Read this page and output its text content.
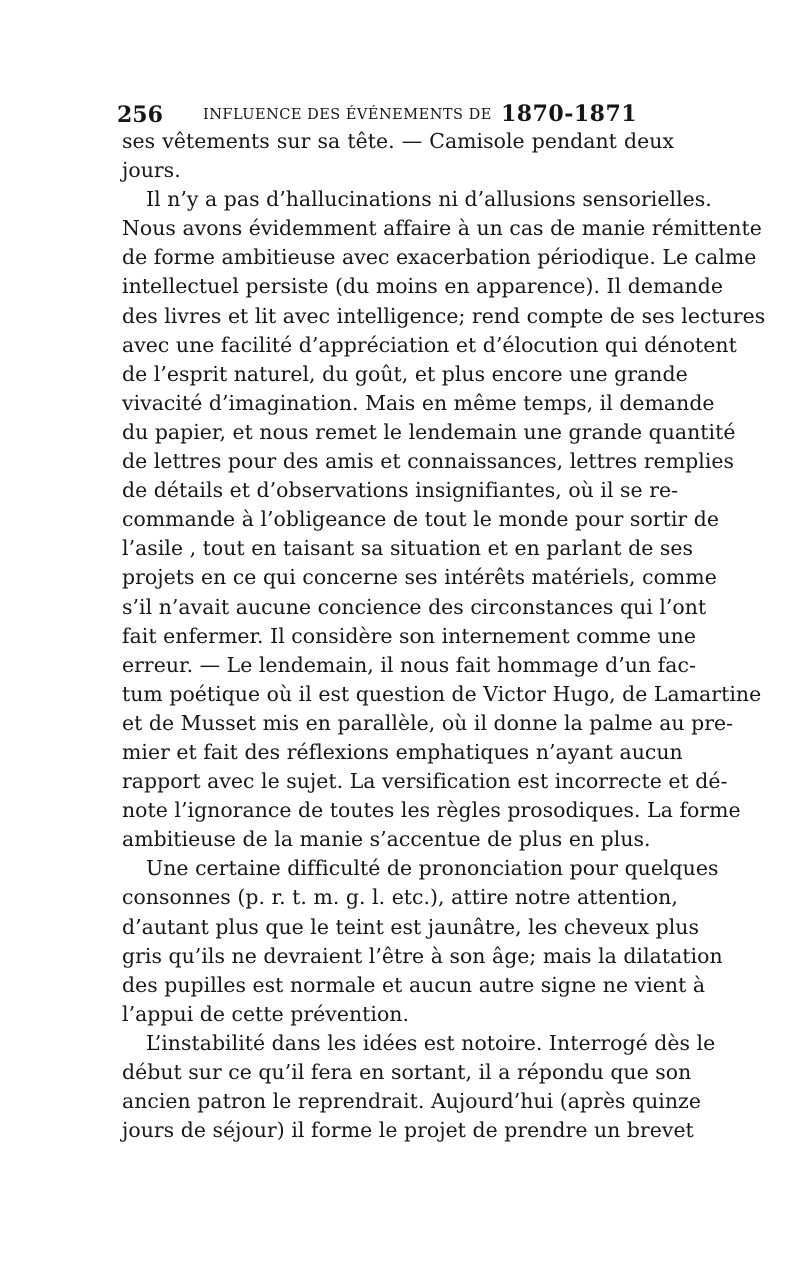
256	INFLUENCE DES ÉVÉNEMENTS DE 1870-1871

ses vêtements sur sa tête. — Camisole pendant deux
jours.

Il n’y a pas d’hallucinations ni d’allusions sensorielles.
Nous avons évidemment affaire à un cas de manie rémittente
de forme ambitieuse avec exacerbation périodique. Le calme
intellectuel persiste (du moins en apparence). Il demande
des livres et lit avec intelligence; rend compte de ses lectures
avec une facilité d’appréciation et d’élocution qui dénotent
de l’esprit naturel, du goût, et plus encore une grande
vivacité d’imagination. Mais en même temps, il demande
du papier, et nous remet le lendemain une grande quantité
de lettres pour des amis et connaissances, lettres remplies
de détails et d’observations insignifiantes, où il se re-
commande à l’obligeance de tout le monde pour sortir de
l’asile , tout en taisant sa situation et en parlant de ses
projets en ce qui concerne ses intérêts matériels, comme
s’il n’avait aucune concience des circonstances qui l’ont
fait enfermer. Il considère son internement comme une
erreur. — Le lendemain, il nous fait hommage d’un fac-
tum poétique où il est question de Victor Hugo, de Lamartine
et de Musset mis en parallèle, où il donne la palme au pre-
mier et fait des réflexions emphatiques n’ayant aucun
rapport avec le sujet. La versification est incorrecte et dé-
note l’ignorance de toutes les règles prosodiques. La forme
ambitieuse de la manie s’accentue de plus en plus.

Une certaine difficulté de prononciation pour quelques
consonnes (p. r. t. m. g. l. etc.), attire notre attention,
d’autant plus que le teint est jaunâtre, les cheveux plus
gris qu’ils ne devraient l’être à son âge; mais la dilatation
des pupilles est normale et aucun autre signe ne vient à
l’appui de cette prévention.

L’instabilité dans les idées est notoire. Interrogé dès le
début sur ce qu’il fera en sortant, il a répondu que son
ancien patron le reprendrait. Aujourd’hui (après quinze
jours de séjour) il forme le projet de prendre un brevet
